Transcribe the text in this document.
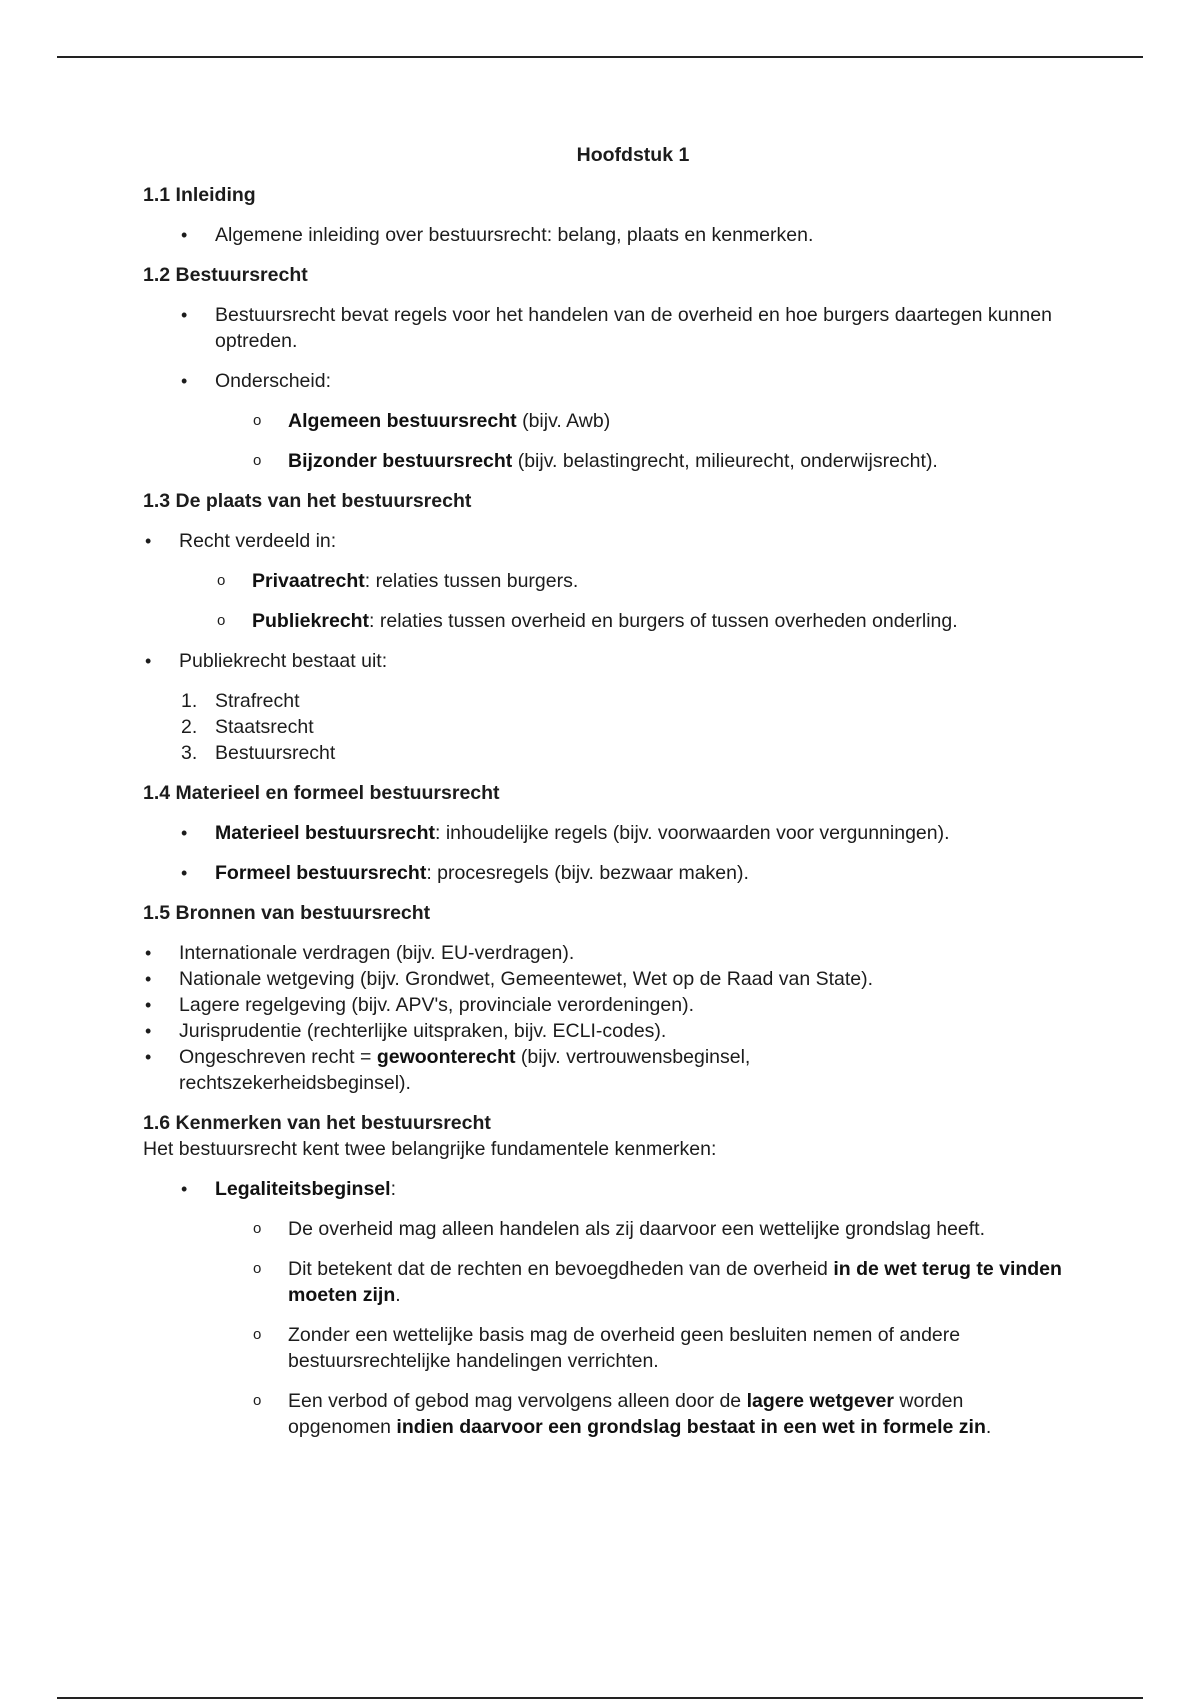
Hoofdstuk 1
1.1 Inleiding
• Algemene inleiding over bestuursrecht: belang, plaats en kenmerken.
1.2 Bestuursrecht
• Bestuursrecht bevat regels voor het handelen van de overheid en hoe burgers daartegen kunnen optreden.
• Onderscheid:
o Algemeen bestuursrecht (bijv. Awb)
o Bijzonder bestuursrecht (bijv. belastingrecht, milieurecht, onderwijsrecht).
1.3 De plaats van het bestuursrecht
• Recht verdeeld in:
o Privaatrecht: relaties tussen burgers.
o Publiekrecht: relaties tussen overheid en burgers of tussen overheden onderling.
• Publiekrecht bestaat uit:
1. Strafrecht
2. Staatsrecht
3. Bestuursrecht
1.4 Materieel en formeel bestuursrecht
• Materieel bestuursrecht: inhoudelijke regels (bijv. voorwaarden voor vergunningen).
• Formeel bestuursrecht: procesregels (bijv. bezwaar maken).
1.5 Bronnen van bestuursrecht
• Internationale verdragen (bijv. EU-verdragen).
• Nationale wetgeving (bijv. Grondwet, Gemeentewet, Wet op de Raad van State).
• Lagere regelgeving (bijv. APV's, provinciale verordeningen).
• Jurisprudentie (rechterlijke uitspraken, bijv. ECLI-codes).
• Ongeschreven recht = gewoonterecht (bijv. vertrouwensbeginsel, rechtszekerheidsbeginsel).
1.6 Kenmerken van het bestuursrecht
Het bestuursrecht kent twee belangrijke fundamentele kenmerken:
• Legaliteitsbeginsel:
o De overheid mag alleen handelen als zij daarvoor een wettelijke grondslag heeft.
o Dit betekent dat de rechten en bevoegdheden van de overheid in de wet terug te vinden moeten zijn.
o Zonder een wettelijke basis mag de overheid geen besluiten nemen of andere bestuursrechtelijke handelingen verrichten.
o Een verbod of gebod mag vervolgens alleen door de lagere wetgever worden opgenomen indien daarvoor een grondslag bestaat in een wet in formele zin.
